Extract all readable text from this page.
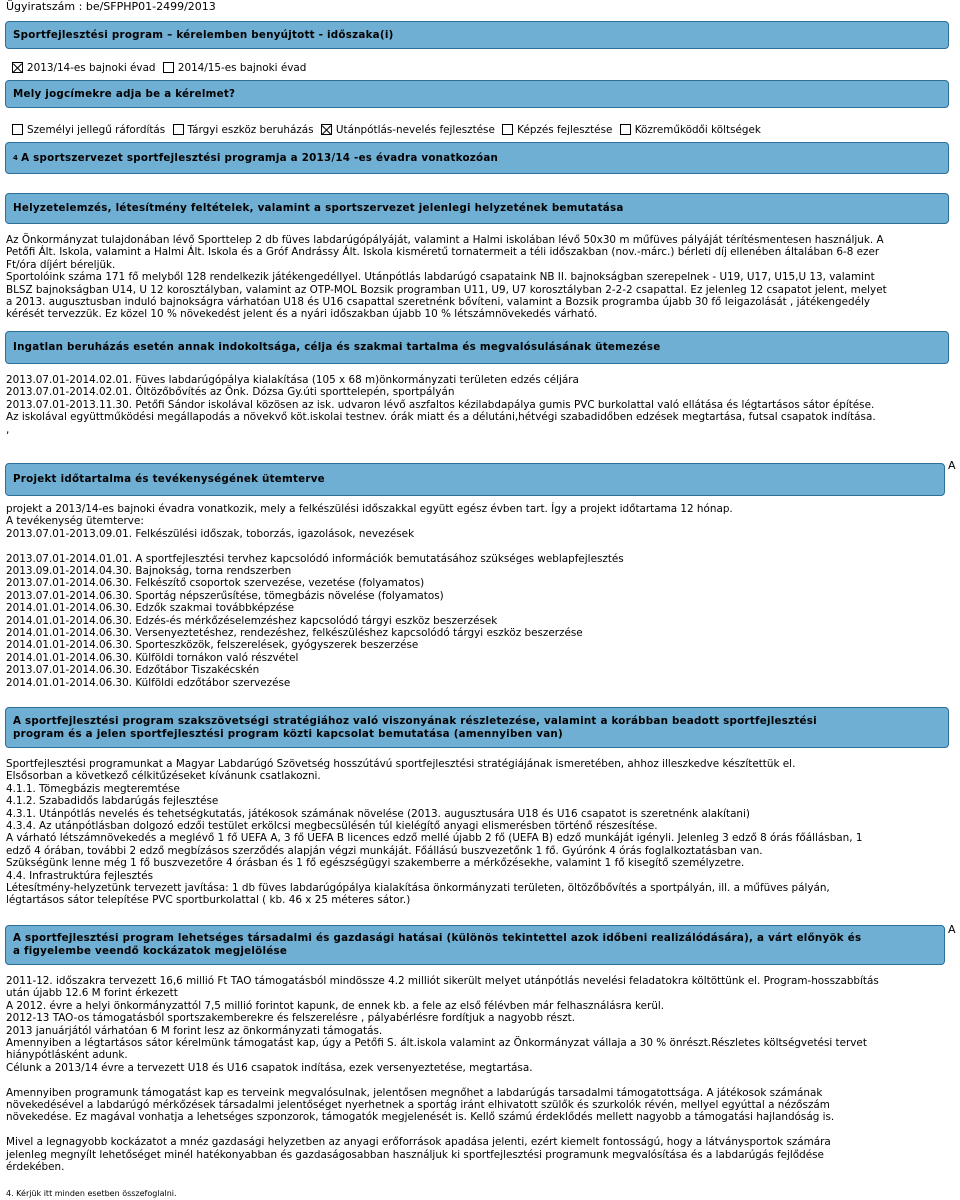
Ügyiratszám : be/SFPHP01-2499/2013
Sportfejlesztési program – kérelemben benyújtott - időszaka(i)
2013/14-es bajnoki évad 2014/15-es bajnoki évad
Mely jogcímekre adja be a kérelmet?
Személyi jellegű ráfordítás Tárgyi eszköz beruházás Utánpótlás-nevelés fejlesztése Képzés fejlesztése Közreműködői költségek
4 A sportszervezet sportfejlesztési programja a 2013/14 -es évadra vonatkozóan
Helyzetelemzés, létesítmény feltételek, valamint a sportszervezet jelenlegi helyzetének bemutatása
Az Önkormányzat tulajdonában lévő Sporttelep 2 db füves labdarúgópályáját, valamint a Halmi iskolában lévő 50x30 m műfüves pályáját térítésmentesen használjuk. A
Petőfi Ált. Iskola, valamint a Halmi Ált. Iskola és a Gróf Andrássy Ált. Iskola kisméretű tornatermeit a téli időszakban (nov.-márc.) bérleti díj ellenében általában 6-8 ezer
Ft/óra díjért béreljük.
Sportolóink száma 171 fő melyből 128 rendelkezik játékengedéllyel. Utánpótlás labdarúgó csapataink NB II. bajnokságban szerepelnek - U19, U17, U15,U 13, valamint
BLSZ bajnokságban U14, U 12 korosztályban, valamint az OTP-MOL Bozsik programban U11, U9, U7 korosztályban 2-2-2 csapattal. Ez jelenleg 12 csapatot jelent, melyet
a 2013. augusztusban induló bajnokságra várhatóan U18 és U16 csapattal szeretnénk bővíteni, valamint a Bozsik programba újabb 30 fő leigazolását , játékengedély
kérését tervezzük. Ez közel 10 % növekedést jelent és a nyári időszakban újabb 10 % létszámnövekedés várható.
Ingatlan beruházás esetén annak indokoltsága, célja és szakmai tartalma és megvalósulásának ütemezése
2013.07.01-2014.02.01. Füves labdarúgópálya kialakítása (105 x 68 m)önkormányzati területen edzés céljára
2013.07.01-2014.02.01. Öltözőbővítés az Önk. Dózsa Gy.úti sporttelepén, sportpályán
2013.07.01-2013.11.30. Petőfi Sándor iskolával közösen az isk. udvaron lévő aszfaltos kézilabdapálya gumis PVC burkolattal való ellátása és légtartásos sátor építése.
Az iskolával együttműködési megállapodás a növekvő köt.iskolai testnev. órák miatt és a délutáni,hétvégi szabadidőben edzések megtartása, futsal csapatok indítása.
,
A
Projekt időtartalma és tevékenységének ütemterve
projekt a 2013/14-es bajnoki évadra vonatkozik, mely a felkészülési időszakkal együtt egész évben tart. Így a projekt időtartama 12 hónap.
A tevékenység ütemterve:
2013.07.01-2013.09.01. Felkészülési időszak, toborzás, igazolások, nevezések
2013.07.01-2014.01.01. A sportfejlesztési tervhez kapcsolódó információk bemutatásához szükséges weblapfejlesztés
2013.09.01-2014.04.30. Bajnokság, torna rendszerben
2013.07.01-2014.06.30. Felkészítő csoportok szervezése, vezetése (folyamatos)
2013.07.01-2014.06.30. Sportág népszerűsítése, tömegbázis növelése (folyamatos)
2014.01.01-2014.06.30. Edzők szakmai továbbképzése
2014.01.01-2014.06.30. Edzés-és mérkőzéselemzéshez kapcsolódó tárgyi eszköz beszerzések
2014.01.01-2014.06.30. Versenyeztetéshez, rendezéshez, felkészüléshez kapcsolódó tárgyi eszköz beszerzése
2014.01.01-2014.06.30. Sporteszközök, felszerelések, gyógyszerek beszerzése
2014.01.01-2014.06.30. Külföldi tornákon való részvétel
2013.07.01-2014.06.30. Edzőtábor Tiszakécskén
2014.01.01-2014.06.30. Külföldi edzőtábor szervezése
A sportfejlesztési program szakszövetségi stratégiához való viszonyának részletezése, valamint a korábban beadott sportfejlesztési
program és a jelen sportfejlesztési program közti kapcsolat bemutatása (amennyiben van)
Sportfejlesztési programunkat a Magyar Labdarúgó Szövetség hosszútávú sportfejlesztési stratégiájának ismeretében, ahhoz illeszkedve készítettük el.
Elsősorban a következő célkitűzéseket kívánunk csatlakozni.
4.1.1. Tömegbázis megteremtése
4.1.2. Szabadidős labdarúgás fejlesztése
4.3.1. Utánpótlás nevelés és tehetségkutatás, játékosok számának növelése (2013. augusztusára U18 és U16 csapatot is szeretnénk alakítani)
4.3.4. Az utánpótlásban dolgozó edzői testület erkölcsi megbecsülésén túl kielégítő anyagi elismerésben történő részesítése.
A várható létszámnövekedés a meglévő 1 fő UEFA A, 3 fő UEFA B licences edző mellé újabb 2 fő (UEFA B) edző munkáját igényli. Jelenleg 3 edző 8 órás főállásban, 1
edző 4 órában, további 2 edző megbízásos szerződés alapján végzi munkáját. Főállású buszvezetőnk 1 fő. Gyúrónk 4 órás foglalkoztatásban van.
Szükségünk lenne még 1 fő buszvezetőre 4 órásban és 1 fő egészségügyi szakemberre a mérkőzésekhe, valamint 1 fő kisegítő személyzetre.
4.4. Infrastruktúra fejlesztés
Létesítmény-helyzetünk tervezett javítása: 1 db füves labdarúgópálya kialakítása önkormányzati területen, öltözőbővítés a sportpályán, ill. a műfüves pályán,
légtartásos sátor telepítése PVC sportburkolattal ( kb. 46 x 25 méteres sátor.)
A
A sportfejlesztési program lehetséges társadalmi és gazdasági hatásai (különös tekintettel azok időbeni realizálódására), a várt előnyök és
a figyelembe veendő kockázatok megjelölése
2011-12. időszakra tervezett 16,6 millió Ft TAO támogatásból mindössze 4.2 milliót sikerült melyet utánpótlás nevelési feladatokra költöttünk el. Program-hosszabbítás
után újabb 12.6 M forint érkezett
A 2012. évre a helyi önkormányzattól 7,5 millió forintot kapunk, de ennek kb. a fele az első félévben már felhasználásra kerül.
2012-13 TAO-os támogatásból sportszakemberekre és felszerelésre , pályabérlésre fordítjuk a nagyobb részt.
2013 januárjától várhatóan 6 M forint lesz az önkormányzati támogatás.
Amennyiben a légtartásos sátor kérelmünk támogatást kap, úgy a Petőfi S. ált.iskola valamint az Önkormányzat vállaja a 30 % önrészt.Részletes költségvetési tervet
hiánypótlásként adunk.
Célunk a 2013/14 évre a tervezett U18 és U16 csapatok indítása, ezek versenyeztetése, megtartása.
Amennyiben programunk támogatást kap es terveink megvalósulnak, jelentősen megnőhet a labdarúgás tarsadalmi támogatottsága. A játékosok számának
növekedésével a labdarúgó mérkőzések társadalmi jelentőséget nyerhetnek a sportág iránt elhivatott szülők és szurkolók révén, mellyel egyúttal a nézőszám
növekedése. Ez magával vonhatja a lehetséges szponzorok, támogatók megjelenését is. Kellő számú érdeklődés mellett nagyobb a támogatási hajlandóság is.
Mivel a legnagyobb kockázatot a mnéz gazdasági helyzetben az anyagi erőforrások apadása jelenti, ezért kiemelt fontosságú, hogy a látványsportok számára
jelenleg megnyílt lehetőséget minél hatékonyabban és gazdaságosabban használjuk ki sportfejlesztési programunk megvalósítása és a labdarúgás fejlődése
érdekében.
4. Kérjük itt minden esetben összefoglalni.
